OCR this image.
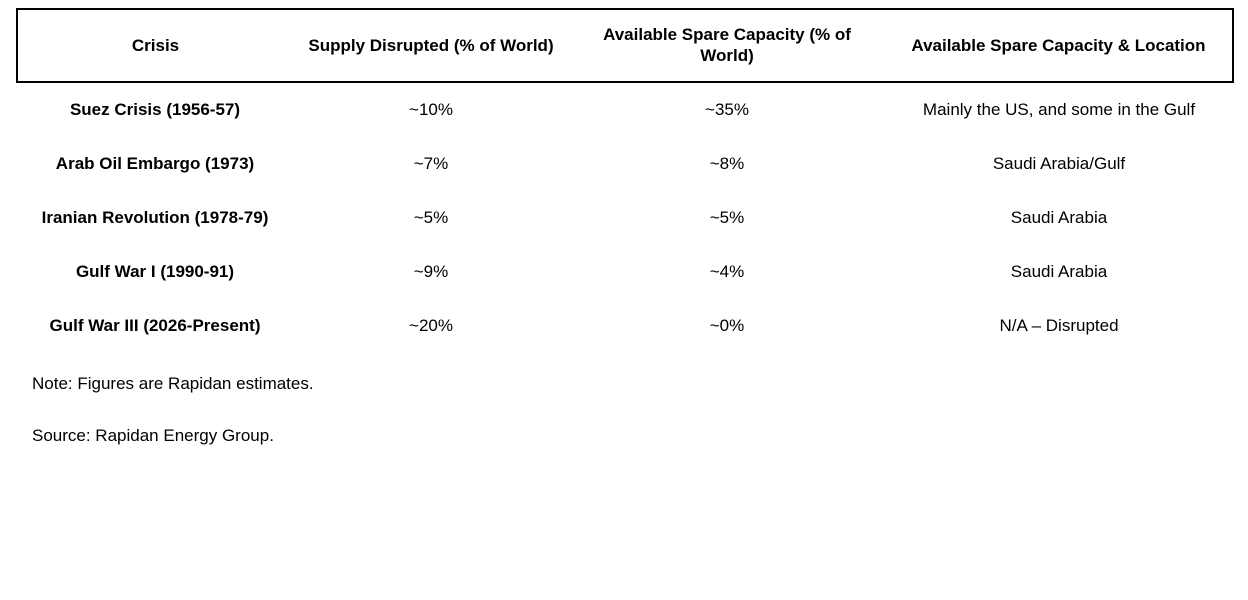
Crisis	Supply Disrupted (% of World)	Available Spare Capacity (% of World)	Available Spare Capacity & Location
Suez Crisis (1956-57)	~10%	~35%	Mainly the US, and some in the Gulf
Arab Oil Embargo (1973)	~7%	~8%	Saudi Arabia/Gulf
Iranian Revolution (1978-79)	~5%	~5%	Saudi Arabia
Gulf War I (1990-91)	~9%	~4%	Saudi Arabia
Gulf War III (2026-Present)	~20%	~0%	N/A – Disrupted
Note: Figures are Rapidan estimates.
Source: Rapidan Energy Group.
